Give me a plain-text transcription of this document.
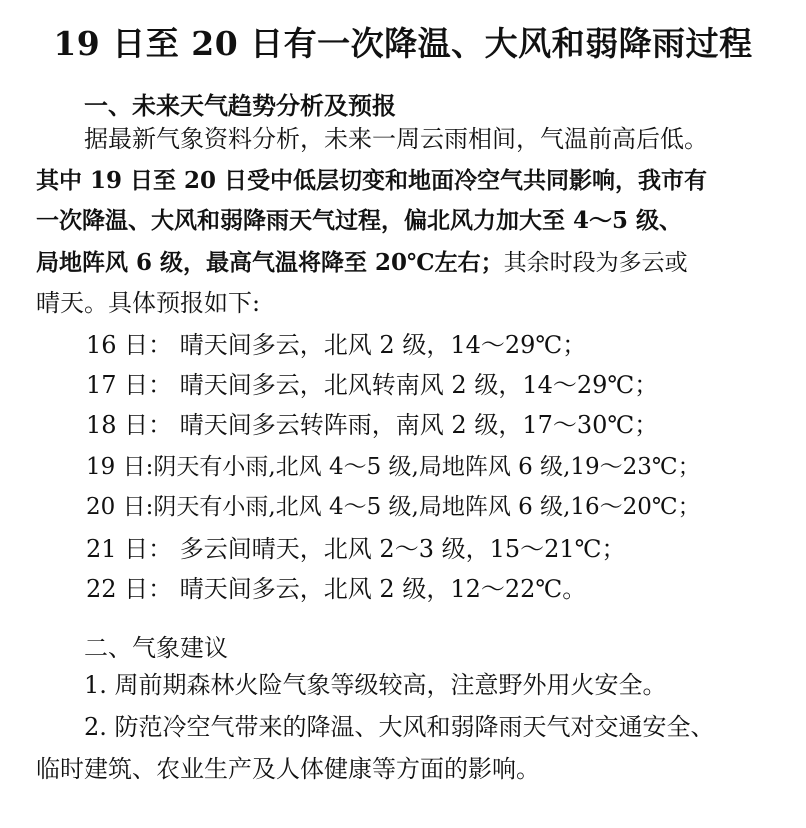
19 日至 20 日有一次降温、大风和弱降雨过程
一、未来天气趋势分析及预报
据最新气象资料分析，未来一周云雨相间，气温前高后低。
其中 19 日至 20 日受中低层切变和地面冷空气共同影响，我市有
一次降温、大风和弱降雨天气过程，偏北风力加大至 4～5 级、
局地阵风 6 级，最高气温将降至 20℃左右；其余时段为多云或
晴天。具体预报如下:
16 日： 晴天间多云，北风 2 级，14～29℃；
17 日： 晴天间多云，北风转南风 2 级，14～29℃；
18 日： 晴天间多云转阵雨，南风 2 级，17～30℃；
19 日:阴天有小雨,北风 4～5 级,局地阵风 6 级,19～23℃；
20 日:阴天有小雨,北风 4～5 级,局地阵风 6 级,16～20℃；
21 日： 多云间晴天，北风 2～3 级，15～21℃；
22 日： 晴天间多云，北风 2 级，12～22℃。
二、气象建议
1. 周前期森林火险气象等级较高，注意野外用火安全。
2. 防范冷空气带来的降温、大风和弱降雨天气对交通安全、
临时建筑、农业生产及人体健康等方面的影响。
